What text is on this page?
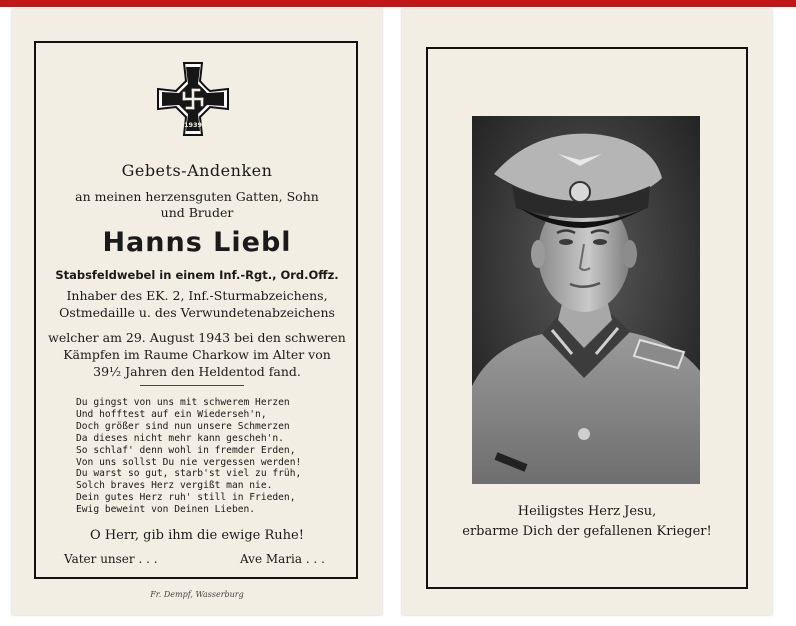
1939
Gebets-Andenken
an meinen herzensguten Gatten, Sohn
und Bruder
Hanns Liebl
Stabsfeldwebel in einem Inf.-Rgt., Ord.Offz.
Inhaber des EK. 2, Inf.-Sturmabzeichens,
Ostmedaille u. des Verwundetenabzeichens
welcher am 29. August 1943 bei den schweren
Kämpfen im Raume Charkow im Alter von
39½ Jahren den Heldentod fand.
Du gingst von uns mit schwerem Herzen
Und hofftest auf ein Wiederseh'n,
Doch größer sind nun unsere Schmerzen
Da dieses nicht mehr kann gescheh'n.
So schlaf' denn wohl in fremder Erden,
Von uns sollst Du nie vergessen werden!
Du warst so gut, starb'st viel zu früh,
Solch braves Herz vergißt man nie.
Dein gutes Herz ruh' still in Frieden,
Ewig beweint von Deinen Lieben.
O Herr, gib ihm die ewige Ruhe!
Vater unser . . .	Ave Maria . . .
Fr. Dempf, Wasserburg
Heiligstes Herz Jesu,
erbarme Dich der gefallenen Krieger!
